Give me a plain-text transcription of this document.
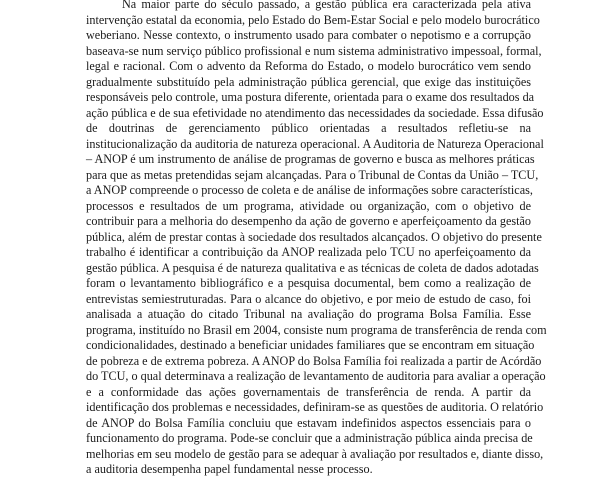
Na maior parte do século passado, a gestão pública era caracterizada pela ativa
intervenção estatal da economia, pelo Estado do Bem-Estar Social e pelo modelo burocrático
weberiano. Nesse contexto, o instrumento usado para combater o nepotismo e a corrupção
baseava-se num serviço público profissional e num sistema administrativo impessoal, formal,
legal e racional. Com o advento da Reforma do Estado, o modelo burocrático vem sendo
gradualmente substituído pela administração pública gerencial, que exige das instituições
responsáveis pelo controle, uma postura diferente, orientada para o exame dos resultados da
ação pública e de sua efetividade no atendimento das necessidades da sociedade. Essa difusão
de doutrinas de gerenciamento público orientadas a resultados refletiu-se na
institucionalização da auditoria de natureza operacional. A Auditoria de Natureza Operacional
– ANOP é um instrumento de análise de programas de governo e busca as melhores práticas
para que as metas pretendidas sejam alcançadas. Para o Tribunal de Contas da União – TCU,
a ANOP compreende o processo de coleta e de análise de informações sobre características,
processos e resultados de um programa, atividade ou organização, com o objetivo de
contribuir para a melhoria do desempenho da ação de governo e aperfeiçoamento da gestão
pública, além de prestar contas à sociedade dos resultados alcançados. O objetivo do presente
trabalho é identificar a contribuição da ANOP realizada pelo TCU no aperfeiçoamento da
gestão pública. A pesquisa é de natureza qualitativa e as técnicas de coleta de dados adotadas
foram o levantamento bibliográfico e a pesquisa documental, bem como a realização de
entrevistas semiestruturadas. Para o alcance do objetivo, e por meio de estudo de caso, foi
analisada a atuação do citado Tribunal na avaliação do programa Bolsa Família. Esse
programa, instituído no Brasil em 2004, consiste num programa de transferência de renda com
condicionalidades, destinado a beneficiar unidades familiares que se encontram em situação
de pobreza e de extrema pobreza. A ANOP do Bolsa Família foi realizada a partir de Acórdão
do TCU, o qual determinava a realização de levantamento de auditoria para avaliar a operação
e a conformidade das ações governamentais de transferência de renda. A partir da
identificação dos problemas e necessidades, definiram-se as questões de auditoria. O relatório
de ANOP do Bolsa Família concluiu que estavam indefinidos aspectos essenciais para o
funcionamento do programa. Pode-se concluir que a administração pública ainda precisa de
melhorias em seu modelo de gestão para se adequar à avaliação por resultados e, diante disso,
a auditoria desempenha papel fundamental nesse processo.
